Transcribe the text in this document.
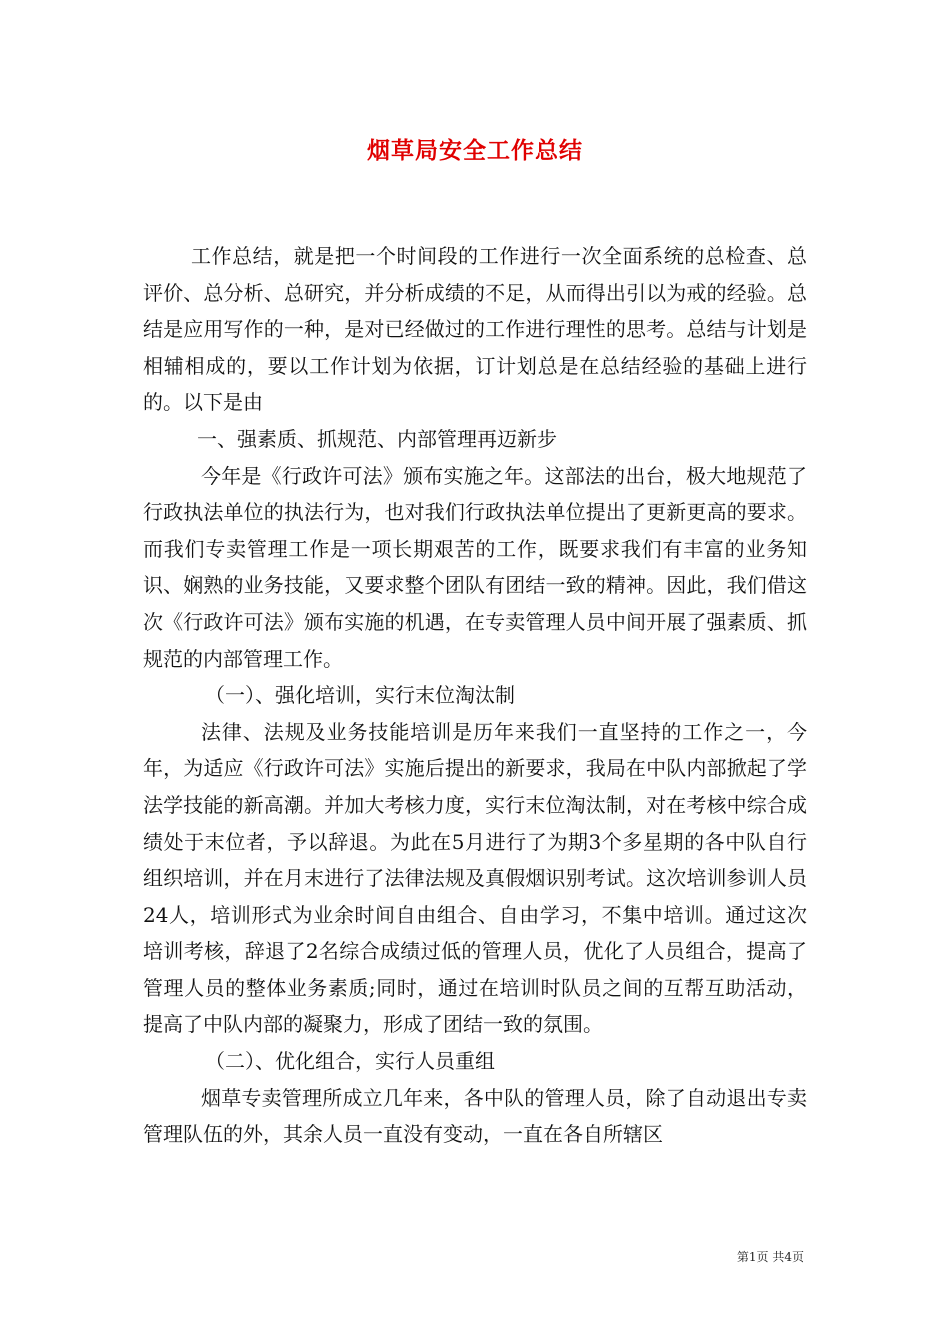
烟草局安全工作总结

工作总结，就是把一个时间段的工作进行一次全面系统的总检查、总评价、总分析、总研究，并分析成绩的不足，从而得出引以为戒的经验。总结是应用写作的一种，是对已经做过的工作进行理性的思考。总结与计划是相辅相成的，要以工作计划为依据，订计划总是在总结经验的基础上进行的。以下是由

一、强素质、抓规范、内部管理再迈新步

今年是《行政许可法》颁布实施之年。这部法的出台，极大地规范了行政执法单位的执法行为，也对我们行政执法单位提出了更新更高的要求。而我们专卖管理工作是一项长期艰苦的工作，既要求我们有丰富的业务知识、娴熟的业务技能，又要求整个团队有团结一致的精神。因此，我们借这次《行政许可法》颁布实施的机遇，在专卖管理人员中间开展了强素质、抓规范的内部管理工作。

（一）、强化培训，实行末位淘汰制

法律、法规及业务技能培训是历年来我们一直坚持的工作之一，今年，为适应《行政许可法》实施后提出的新要求，我局在中队内部掀起了学法学技能的新高潮。并加大考核力度，实行末位淘汰制，对在考核中综合成绩处于末位者，予以辞退。为此在5月进行了为期3个多星期的各中队自行组织培训，并在月末进行了法律法规及真假烟识别考试。这次培训参训人员24人，培训形式为业余时间自由组合、自由学习，不集中培训。通过这次培训考核，辞退了2名综合成绩过低的管理人员，优化了人员组合，提高了管理人员的整体业务素质;同时，通过在培训时队员之间的互帮互助活动，提高了中队内部的凝聚力，形成了团结一致的氛围。

（二）、优化组合，实行人员重组

烟草专卖管理所成立几年来，各中队的管理人员，除了自动退出专卖管理队伍的外，其余人员一直没有变动，一直在各自所辖区

第1页 共4页
